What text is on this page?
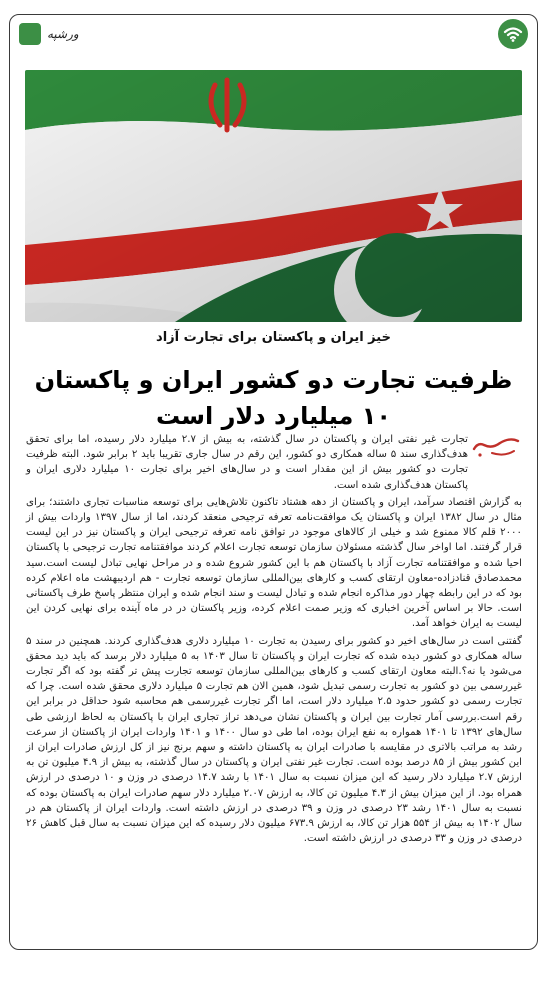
ورشپه
خیز ایران و پاکستان برای تجارت آزاد
ظرفیت تجارت دو کشور ایران و پاکستان
۱۰ میلیارد دلار است

تجارت غیر نفتی ایران و پاکستان در سال گذشته، به بیش از ۲.۷ میلیارد دلار رسیده، اما برای تحقق هدف‌گذاری سند ۵ ساله همکاری دو کشور، این رقم در سال جاری تقریبا باید ۲ برابر شود. البته ظرفیت تجارت دو کشور بیش از این مقدار است و در سال‌های اخیر برای تجارت ۱۰ میلیارد دلاری ایران و پاکستان هدف‌گذاری شده است.

به گزارش اقتصاد سرآمد، ایران و پاکستان از دهه هشتاد تاکنون تلاش‌هایی برای توسعه مناسبات تجاری داشتند؛ برای مثال در سال ۱۳۸۲ ایران و پاکستان یک موافقت‌نامه تعرفه ترجیحی منعقد کردند، اما از سال ۱۳۹۷ واردات بیش از ۲۰۰۰ قلم کالا ممنوع شد و خیلی از کالاهای موجود در توافق نامه تعرفه ترجیحی ایران و پاکستان نیز در این لیست قرار گرفتند. اما اواخر سال گذشته مسئولان سازمان توسعه تجارت اعلام کردند موافقتنامه تجارت ترجیحی با پاکستان احیا شده و موافقتنامه تجارت آزاد با پاکستان هم با این کشور شروع شده و در مراحل نهایی تبادل لیست است.سید محمدصادق قنادزاده-معاون ارتقای کسب و کارهای بین‌المللی سازمان توسعه تجارت - هم اردیبهشت ماه اعلام کرده بود که در این رابطه چهار دور مذاکره انجام شده و تبادل لیست و سند انجام شده و ایران منتظر پاسخ طرف پاکستانی است. حالا بر اساس آخرین اخباری که وزیر صمت اعلام کرده، وزیر پاکستان در در ماه آینده برای نهایی کردن این لیست به ایران خواهد آمد.

گفتنی است در سال‌های اخیر دو کشور برای رسیدن به تجارت ۱۰ میلیارد دلاری هدف‌گذاری کردند. همچنین در سند ۵ ساله همکاری دو کشور دیده شده که تجارت ایران و پاکستان تا سال ۱۴۰۳ به ۵ میلیارد دلار برسد که باید دید محقق می‌شود یا نه؟.البته معاون ارتقای کسب و کارهای بین‌المللی سازمان توسعه تجارت پیش تر گفته بود که اگر تجارت غیررسمی بین دو کشور به تجارت رسمی تبدیل شود، همین الان هم تجارت ۵ میلیارد دلاری محقق شده است. چرا که تجارت رسمی دو کشور حدود ۲.۵ میلیارد دلار است، اما اگر تجارت غیررسمی هم محاسبه شود حداقل در برابر این رقم است.بررسی آمار تجارت بین ایران و پاکستان نشان می‌دهد تراز تجاری ایران با پاکستان به لحاظ ارزشی طی سال‌های ۱۳۹۲ تا ۱۴۰۱ همواره به نفع ایران بوده، اما طی دو سال ۱۴۰۰ و ۱۴۰۱ واردات ایران از پاکستان از سرعت رشد به مراتب بالاتری در مقایسه با صادرات ایران به پاکستان داشته و سهم برنج نیز از کل ارزش صادرات ایران از این کشور بیش از ۸۵ درصد بوده است. تجارت غیر نفتی ایران و پاکستان در سال گذشته، به بیش از ۴.۹ میلیون تن به ارزش ۲.۷ میلیارد دلار رسید که این میزان نسبت به سال ۱۴۰۱ با رشد ۱۴.۷ درصدی در وزن و ۱۰ درصدی در ارزش همراه بود. از این میزان بیش از ۴.۳ میلیون تن کالا، به ارزش ۲.۰۷ میلیارد دلار سهم صادرات ایران به پاکستان بوده که نسبت به سال ۱۴۰۱ رشد ۲۳ درصدی در وزن و ۳۹ درصدی در ارزش داشته است. واردات ایران از پاکستان هم در سال ۱۴۰۲ به بیش از ۵۵۴ هزار تن کالا، به ارزش ۶۷۳.۹ میلیون دلار رسیده که این میزان نسبت به سال قبل کاهش ۲۶ درصدی در وزن و ۳۳ درصدی در ارزش داشته است.
